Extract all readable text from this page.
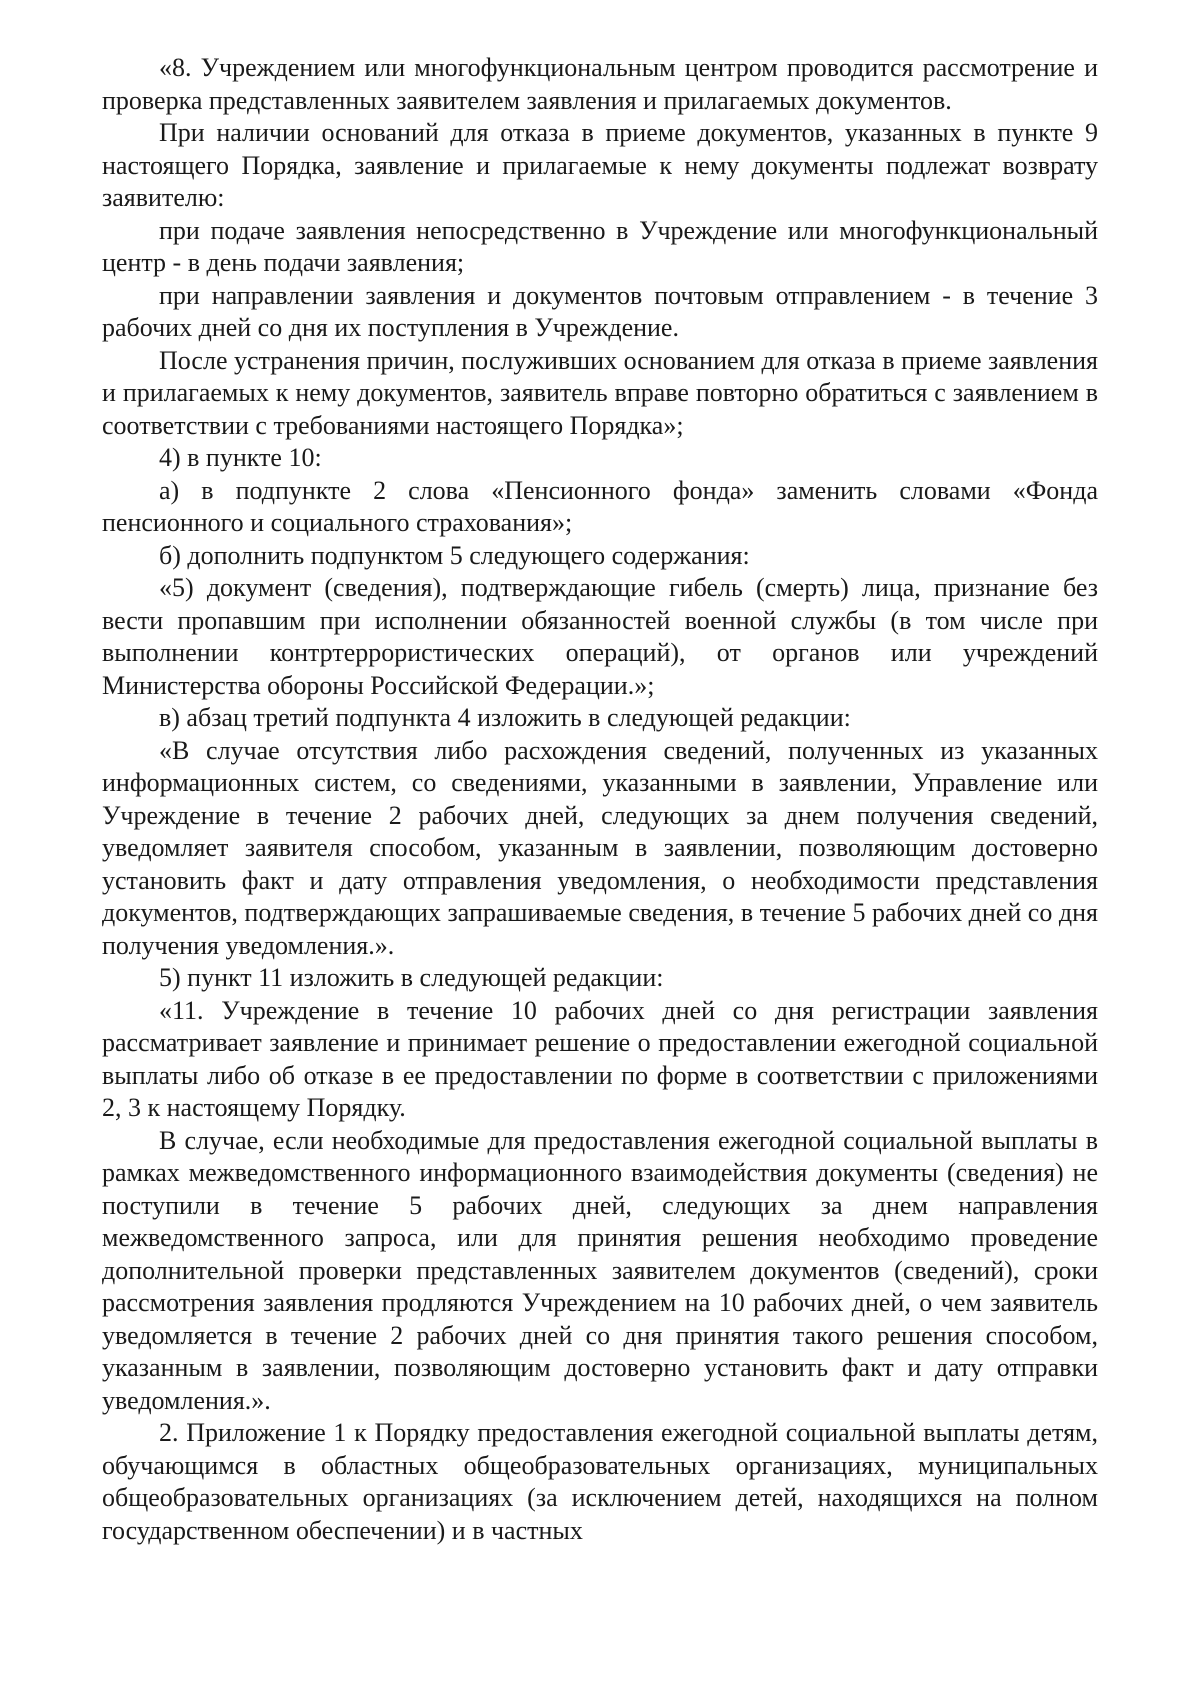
«8. Учреждением или многофункциональным центром проводится рассмотрение и проверка представленных заявителем заявления и прилагаемых документов.

При наличии оснований для отказа в приеме документов, указанных в пункте 9 настоящего Порядка, заявление и прилагаемые к нему документы подлежат возврату заявителю:

при подаче заявления непосредственно в Учреждение или многофункциональный центр - в день подачи заявления;

при направлении заявления и документов почтовым отправлением - в течение 3 рабочих дней со дня их поступления в Учреждение.

После устранения причин, послуживших основанием для отказа в приеме заявления и прилагаемых к нему документов, заявитель вправе повторно обратиться с заявлением в соответствии с требованиями настоящего Порядка»;

4) в пункте 10:

а) в подпункте 2 слова «Пенсионного фонда» заменить словами «Фонда пенсионного и социального страхования»;

б) дополнить подпунктом 5 следующего содержания:

«5) документ (сведения), подтверждающие гибель (смерть) лица, признание без вести пропавшим при исполнении обязанностей военной службы (в том числе при выполнении контртеррористических операций), от органов или учреждений Министерства обороны Российской Федерации.»;

в) абзац третий подпункта 4 изложить в следующей редакции:

«В случае отсутствия либо расхождения сведений, полученных из указанных информационных систем, со сведениями, указанными в заявлении, Управление или Учреждение в течение 2 рабочих дней, следующих за днем получения сведений, уведомляет заявителя способом, указанным в заявлении, позволяющим достоверно установить факт и дату отправления уведомления, о необходимости представления документов, подтверждающих запрашиваемые сведения, в течение 5 рабочих дней со дня получения уведомления.».

5) пункт 11 изложить в следующей редакции:

«11. Учреждение в течение 10 рабочих дней со дня регистрации заявления рассматривает заявление и принимает решение о предоставлении ежегодной социальной выплаты либо об отказе в ее предоставлении по форме в соответствии с приложениями 2, 3 к настоящему Порядку.

В случае, если необходимые для предоставления ежегодной социальной выплаты в рамках межведомственного информационного взаимодействия документы (сведения) не поступили в течение 5 рабочих дней, следующих за днем направления межведомственного запроса, или для принятия решения необходимо проведение дополнительной проверки представленных заявителем документов (сведений), сроки рассмотрения заявления продляются Учреждением на 10 рабочих дней, о чем заявитель уведомляется в течение 2 рабочих дней со дня принятия такого решения способом, указанным в заявлении, позволяющим достоверно установить факт и дату отправки уведомления.».

2. Приложение 1 к Порядку предоставления ежегодной социальной выплаты детям, обучающимся в областных общеобразовательных организациях, муниципальных общеобразовательных организациях (за исключением детей, находящихся на полном государственном обеспечении) и в частных
